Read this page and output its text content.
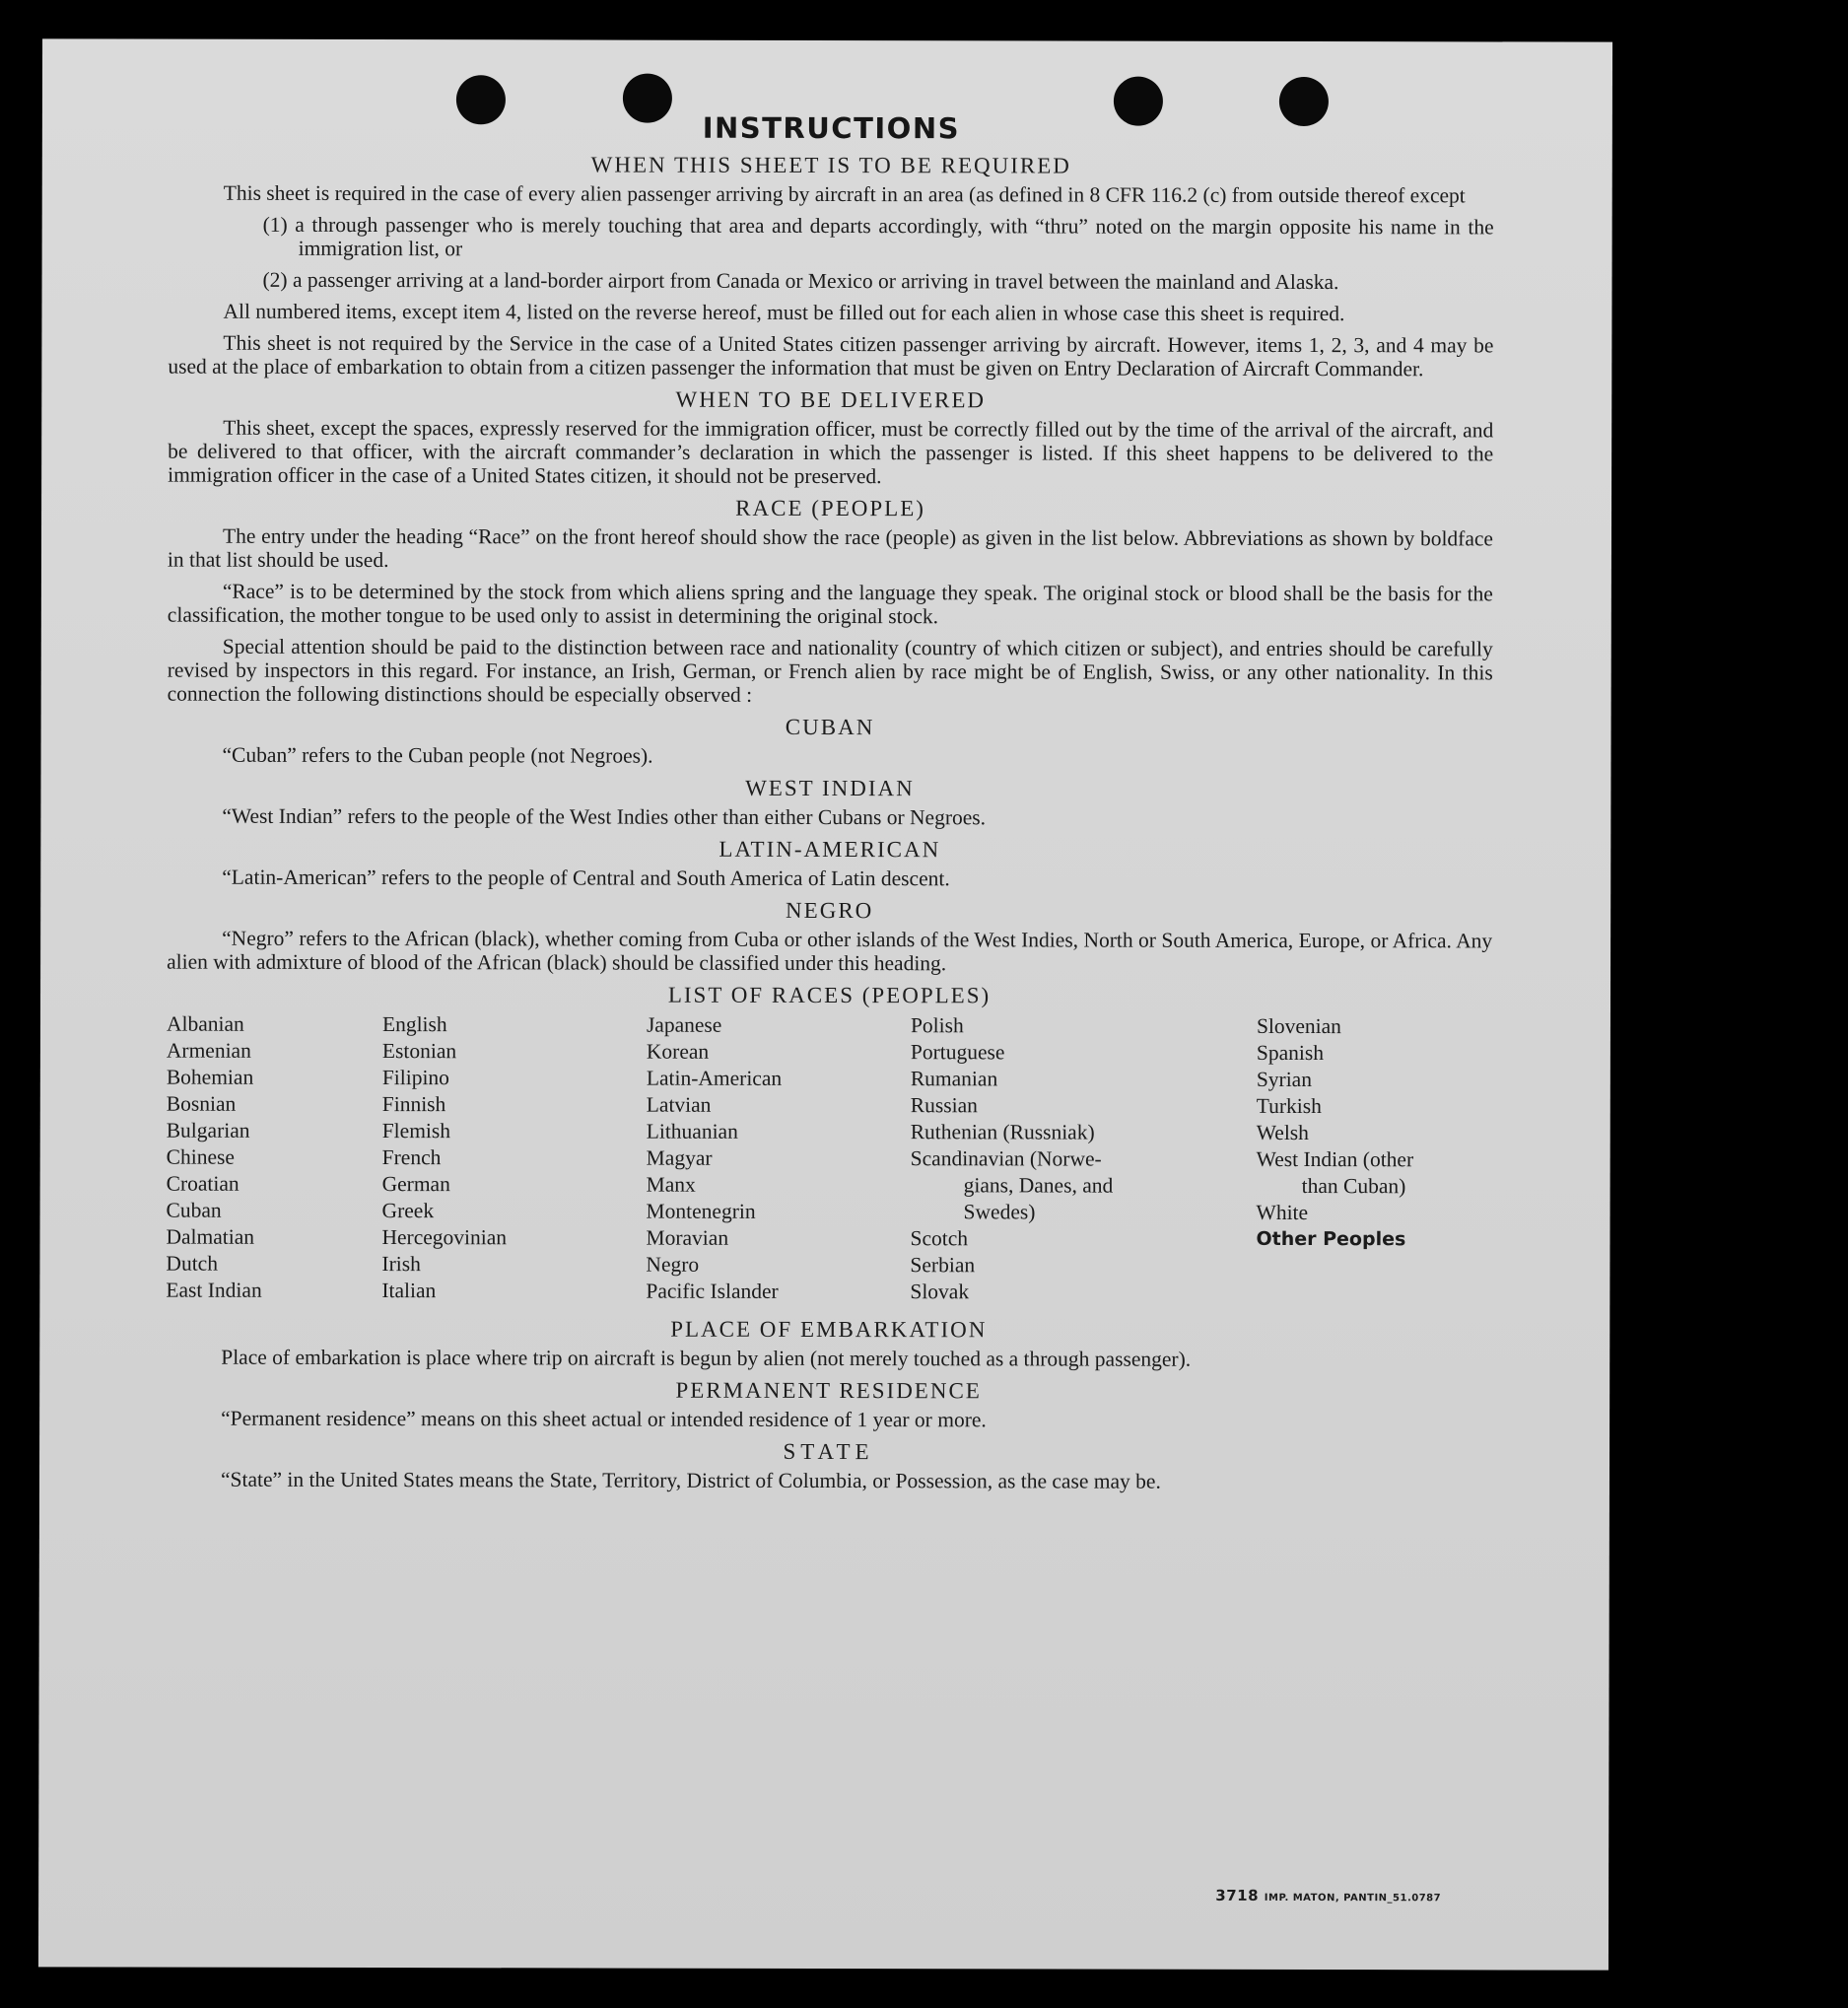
INSTRUCTIONS
WHEN THIS SHEET IS TO BE REQUIRED

This sheet is required in the case of every alien passenger arriving by aircraft in an area (as defined in 8 CFR 116.2 (c) from outside thereof except

(1) a through passenger who is merely touching that area and departs accordingly, with “thru” noted on the margin opposite his name in the immigration list, or

(2) a passenger arriving at a land-border airport from Canada or Mexico or arriving in travel between the mainland and Alaska.

All numbered items, except item 4, listed on the reverse hereof, must be filled out for each alien in whose case this sheet is required.

This sheet is not required by the Service in the case of a United States citizen passenger arriving by aircraft. However, items 1, 2, 3, and 4 may be used at the place of embarkation to obtain from a citizen passenger the information that must be given on Entry Declaration of Aircraft Commander.

WHEN TO BE DELIVERED

This sheet, except the spaces, expressly reserved for the immigration officer, must be correctly filled out by the time of the arrival of the aircraft, and be delivered to that officer, with the aircraft commander’s declaration in which the passenger is listed. If this sheet happens to be delivered to the immigration officer in the case of a United States citizen, it should not be preserved.

RACE (PEOPLE)

The entry under the heading “Race” on the front hereof should show the race (people) as given in the list below. Abbreviations as shown by boldface in that list should be used.

“Race” is to be determined by the stock from which aliens spring and the language they speak. The original stock or blood shall be the basis for the classification, the mother tongue to be used only to assist in determining the original stock.

Special attention should be paid to the distinction between race and nationality (country of which citizen or subject), and entries should be carefully revised by inspectors in this regard. For instance, an Irish, German, or French alien by race might be of English, Swiss, or any other nationality. In this connection the following distinctions should be especially observed :

CUBAN

“Cuban” refers to the Cuban people (not Negroes).

WEST INDIAN

“West Indian” refers to the people of the West Indies other than either Cubans or Negroes.

LATIN-AMERICAN

“Latin-American” refers to the people of Central and South America of Latin descent.

NEGRO

“Negro” refers to the African (black), whether coming from Cuba or other islands of the West Indies, North or South America, Europe, or Africa. Any alien with admixture of blood of the African (black) should be classified under this heading.

LIST OF RACES (PEOPLES)
Albanian
Armenian
Bohemian
Bosnian
Bulgarian
Chinese
Croatian
Cuban
Dalmatian
Dutch
East Indian
English
Estonian
Filipino
Finnish
Flemish
French
German
Greek
Hercegovinian
Irish
Italian
Japanese
Korean
Latin-American
Latvian
Lithuanian
Magyar
Manx
Montenegrin
Moravian
Negro
Pacific Islander
Polish
Portuguese
Rumanian
Russian
Ruthenian (Russniak)
Scandinavian (Norwe-
gians, Danes, and
Swedes)
Scotch
Serbian
Slovak
Slovenian
Spanish
Syrian
Turkish
Welsh
West Indian (other
than Cuban)
White
Other Peoples
PLACE OF EMBARKATION

Place of embarkation is place where trip on aircraft is begun by alien (not merely touched as a through passenger).

PERMANENT RESIDENCE

“Permanent residence” means on this sheet actual or intended residence of 1 year or more.

STATE

“State” in the United States means the State, Territory, District of Columbia, or Possession, as the case may be.

3718 IMP. MATON, PANTIN_51.0787
